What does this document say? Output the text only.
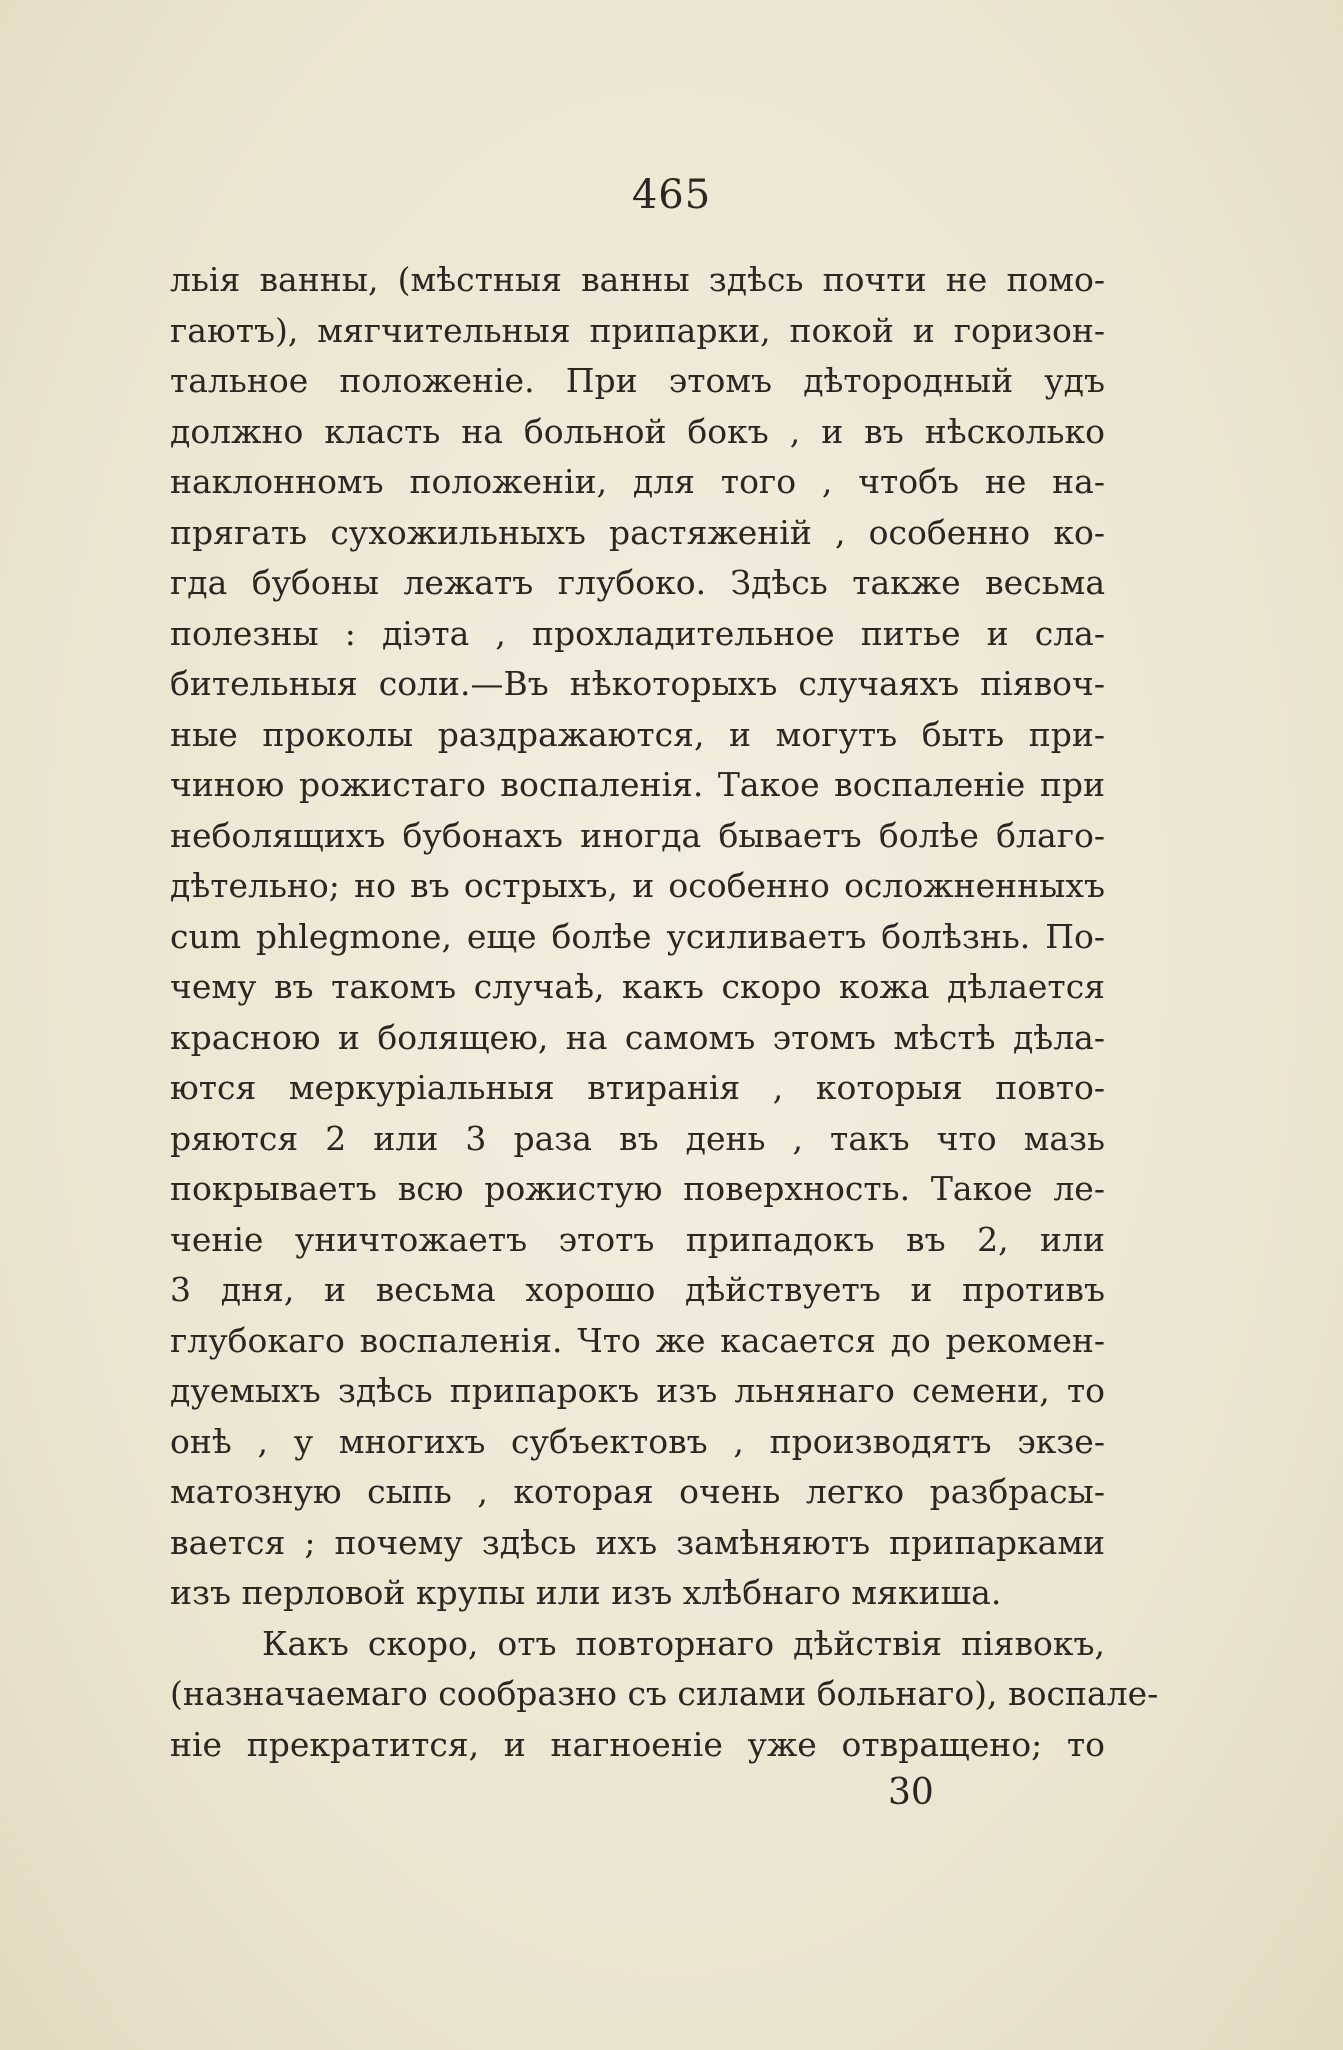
465
льія ванны, (мѣстныя ванны здѣсь почти не помо-
гаютъ), мягчительныя припарки, покой и горизон-
тальное положеніе. При этомъ дѣтородный удъ
должно класть на больной бокъ , и въ нѣсколько
наклонномъ положеніи, для того , чтобъ не на-
прягать сухожильныхъ растяженій , особенно ко-
гда бубоны лежатъ глубоко. Здѣсь также весьма
полезны : діэта , прохладительное питье и сла-
бительныя соли.—Въ нѣкоторыхъ случаяхъ піявоч-
ные проколы раздражаются, и могутъ быть при-
чиною рожистаго воспаленія. Такое воспаленіе при
неболящихъ бубонахъ иногда бываетъ болѣе благо-
дѣтельно; но въ острыхъ, и особенно осложненныхъ
cum phlegmone, еще болѣе усиливаетъ болѣзнь. По-
чему въ такомъ случаѣ, какъ скоро кожа дѣлается
красною и болящею, на самомъ этомъ мѣстѣ дѣла-
ются меркуріальныя втиранія , которыя повто-
ряются 2 или 3 раза въ день , такъ что мазь
покрываетъ всю рожистую поверхность. Такое ле-
ченіе уничтожаетъ этотъ припадокъ въ 2, или
3 дня, и весьма хорошо дѣйствуетъ и противъ
глубокаго воспаленія. Что же касается до рекомен-
дуемыхъ здѣсь припарокъ изъ льнянаго семени, то
онѣ , у многихъ субъектовъ , производятъ экзе-
матозную сыпь , которая очень легко разбрасы-
вается ; почему здѣсь ихъ замѣняютъ припарками
изъ перловой крупы или изъ хлѣбнаго мякиша.
Какъ скоро, отъ повторнаго дѣйствія піявокъ,
(назначаемаго сообразно съ силами больнаго), воспале-
ніе прекратится, и нагноеніе уже отвращено; то
30
